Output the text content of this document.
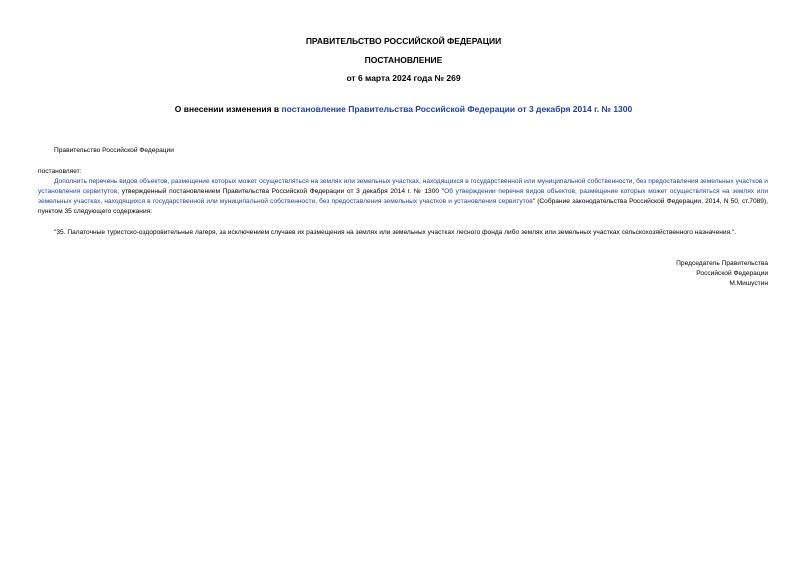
ПРАВИТЕЛЬСТВО РОССИЙСКОЙ ФЕДЕРАЦИИ
ПОСТАНОВЛЕНИЕ
от 6 марта 2024 года № 269
О внесении изменения в постановление Правительства Российской Федерации от 3 декабря 2014 г. № 1300
Правительство Российской Федерации
постановляет:
Дополнить перечень видов объектов, размещение которых может осуществляться на землях или земельных участках, находящихся в государственной или муниципальной собственности, без предоставления земельных участков и установления сервитутов, утвержденный постановлением Правительства Российской Федерации от 3 декабря 2014 г. № 1300 "Об утверждении перечня видов объектов, размещение которых может осуществляться на землях или земельных участках, находящихся в государственной или муниципальной собственности, без предоставления земельных участков и установления сервитутов" (Собрание законодательства Российской Федерации, 2014, N 50, ст.7089), пунктом 35 следующего содержания:
"35. Палаточные туристско-оздоровительные лагеря, за исключением случаев их размещения на землях или земельных участках лесного фонда либо землях или земельных участках сельскохозяйственного назначения.".
Председатель Правительства
Российской Федерации
М.Мишустин
